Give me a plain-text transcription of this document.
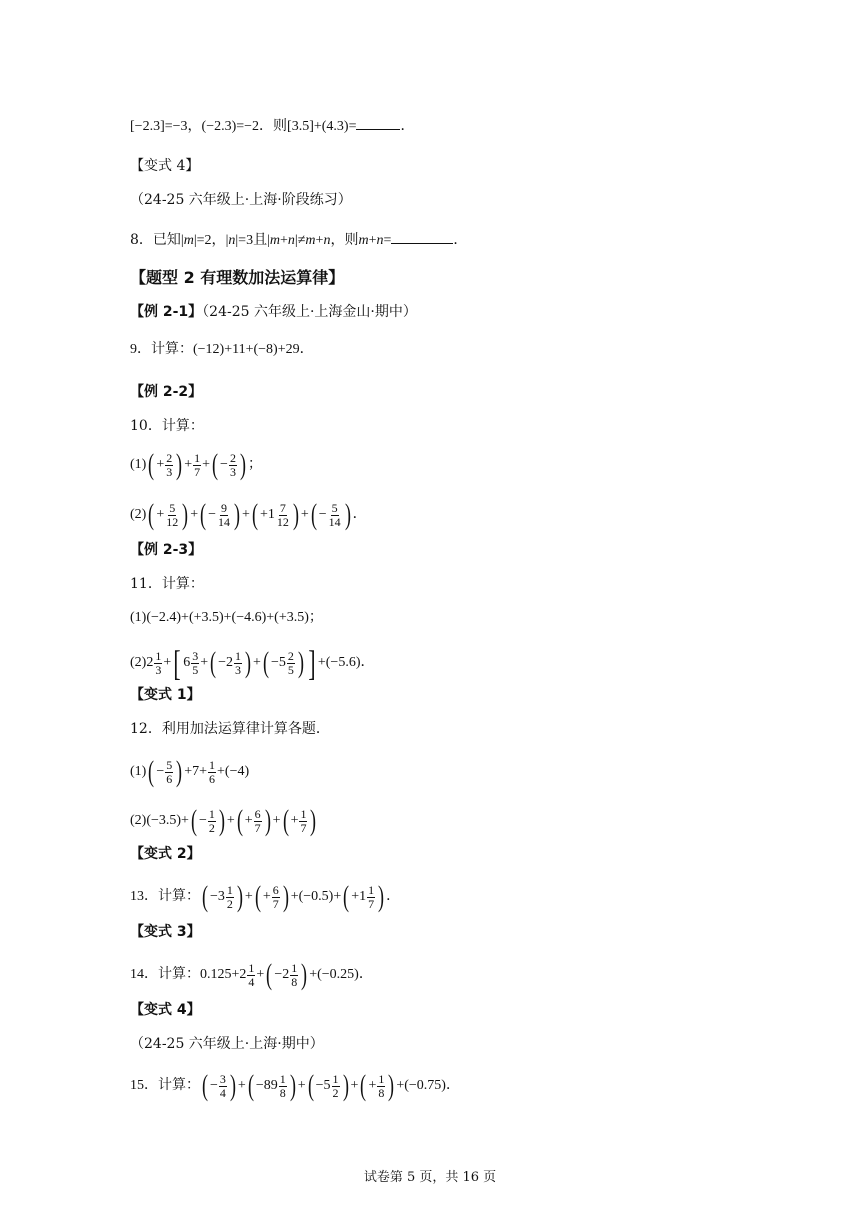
[−2.3]=−3，(−2.3)=−2．则[3.5]+(4.3)=	．
【变式 4】
（24-25 六年级上·上海·阶段练习）
8．已知|m|=2，|n|=3且|m+n|≠m+n，则m+n=	．
【题型 2 有理数加法运算律】
【例 2-1】（24-25 六年级上·上海金山·期中）
9．计算：(−12)+11+(−8)+29．
【例 2-2】
10．计算：
(1) ( + $\frac{2}{3}$ ) + $\frac{1}{7}$ + ( − $\frac{2}{3}$ ) ；
(2) ( + $\frac{5}{12}$ ) + ( − $\frac{9}{14}$ ) + ( $+1 \frac{7}{12}$ ) + ( − $\frac{5}{14}$ ) ．
【例 2-3】
11．计算：
(1)(−2.4)+(+3.5)+(−4.6)+(+3.5)；
$(2)2 \frac{1}{3}$ + [ $6 \frac{3}{5}$ + ( $-2 \frac{1}{3}$ ) + ( $-5 \frac{2}{5}$ ) ] +(−5.6)．
【变式 1】
12．利用加法运算律计算各题．
(1) ( − $\frac{5}{6}$ ) $+7+ \frac{1}{6} +(-4)$
(2)(−3.5)+ ( − $\frac{1}{2}$ ) + ( + $\frac{6}{7}$ ) + ( + $\frac{1}{7}$ )
【变式 2】
13．计算： ( $-3 \frac{1}{2}$ ) + ( + $\frac{6}{7}$ ) +(−0.5)+ ( $+1 \frac{1}{7}$ ) ．
【变式 3】
14．计算：$0.125+2 \frac{1}{4}$ + ( $-2 \frac{1}{8}$ ) +(−0.25)．
【变式 4】
（24-25 六年级上·上海·期中）
15．计算： ( − $\frac{3}{4}$ ) + ( $-89 \frac{1}{8}$ ) + ( $-5 \frac{1}{2}$ ) + ( + $\frac{1}{8}$ ) +(−0.75)．
试卷第 5 页，共 16 页
